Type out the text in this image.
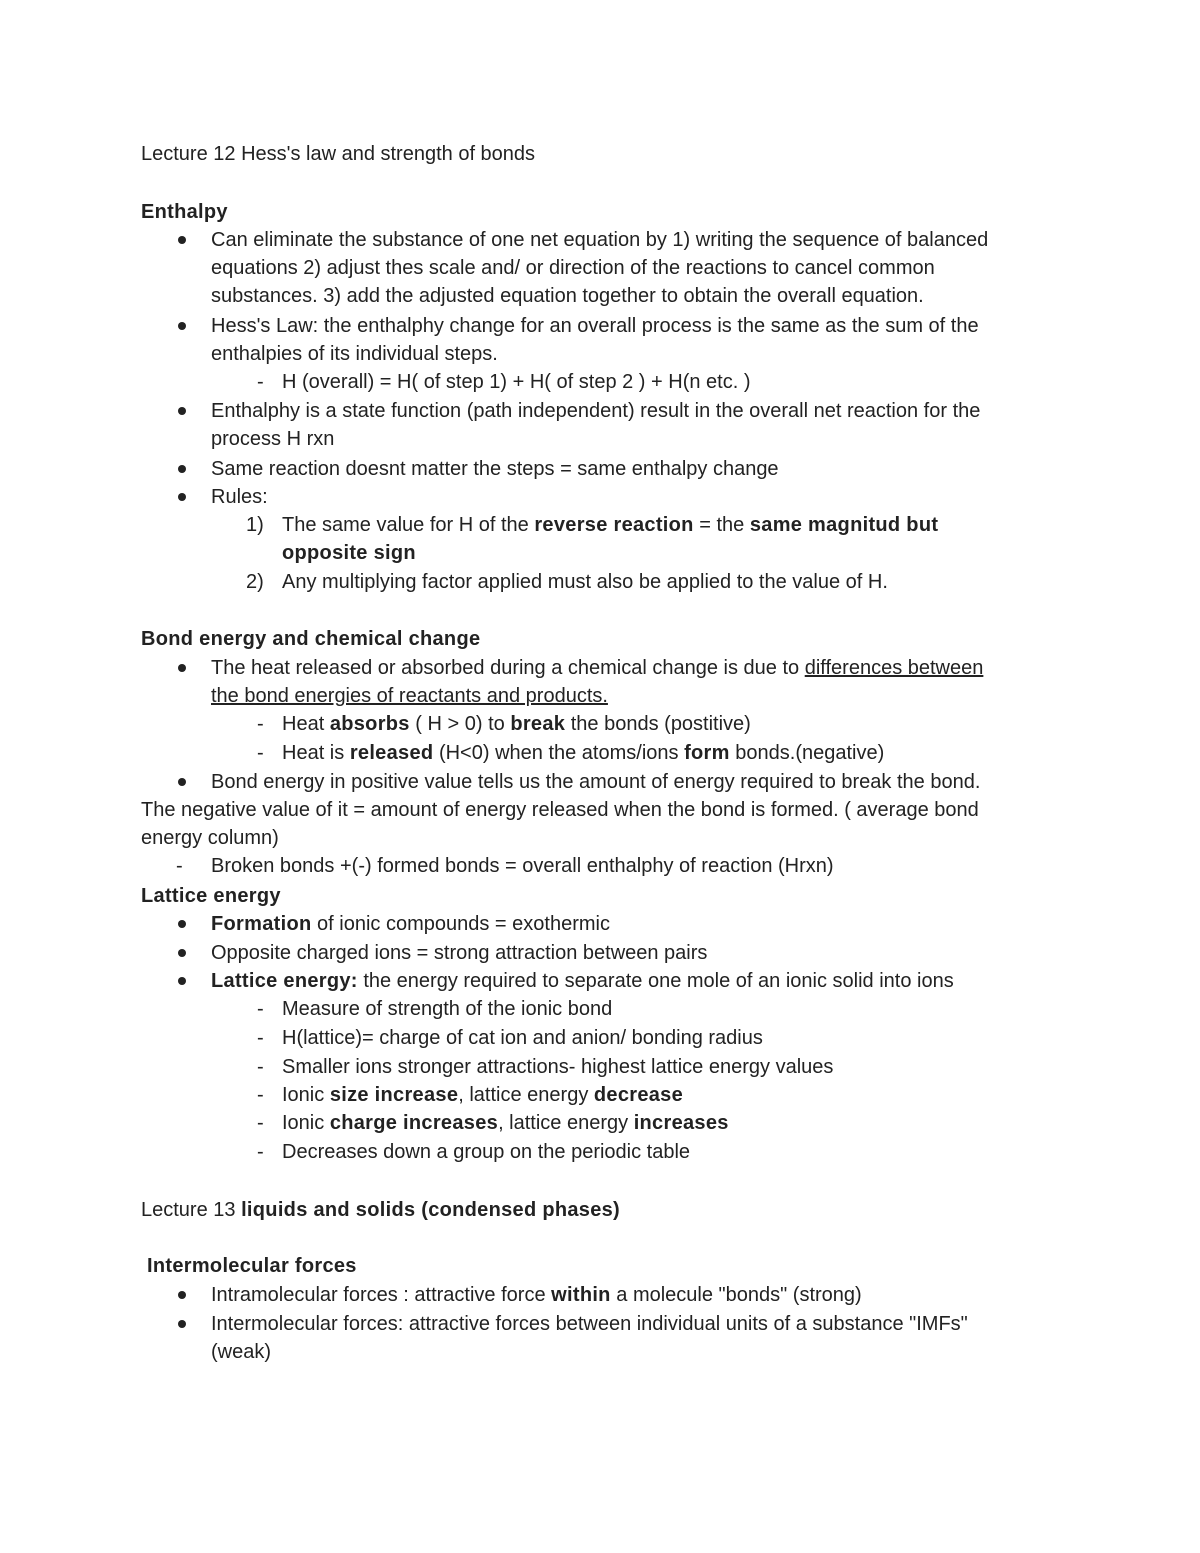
Lecture 12 Hess's law and strength of bonds
Enthalpy
Can eliminate the substance of one net equation by 1) writing the sequence of balanced
equations 2) adjust thes scale and/ or direction of the reactions to cancel common
substances. 3) add the adjusted equation together to obtain the overall equation.
Hess's Law: the enthalphy change for an overall process is the same as the sum of the
enthalpies of its individual steps.
- H (overall) = H( of step 1) + H( of step 2 ) + H(n etc. )
Enthalphy is a state function (path independent) result in the overall net reaction for the
process H rxn
Same reaction doesnt matter the steps = same enthalpy change
Rules:
1) The same value for H of the reverse reaction = the same magnitud but
opposite sign
2) Any multiplying factor applied must also be applied to the value of H.
Bond energy and chemical change
The heat released or absorbed during a chemical change is due to differences between
the bond energies of reactants and products.
- Heat absorbs ( H > 0) to break the bonds (postitive)
- Heat is released (H<0) when the atoms/ions form bonds.(negative)
Bond energy in positive value tells us the amount of energy required to break the bond.
The negative value of it = amount of energy released when the bond is formed. ( average bond
energy column)
- Broken bonds +(-) formed bonds = overall enthalphy of reaction (Hrxn)
Lattice energy
Formation of ionic compounds = exothermic
Opposite charged ions = strong attraction between pairs
Lattice energy: the energy required to separate one mole of an ionic solid into ions
- Measure of strength of the ionic bond
- H(lattice)= charge of cat ion and anion/ bonding radius
- Smaller ions stronger attractions- highest lattice energy values
- Ionic size increase, lattice energy decrease
- Ionic charge increases, lattice energy increases
- Decreases down a group on the periodic table
Lecture 13 liquids and solids (condensed phases)
Intermolecular forces
Intramolecular forces : attractive force within a molecule "bonds" (strong)
Intermolecular forces: attractive forces between individual units of a substance "IMFs"
(weak)
